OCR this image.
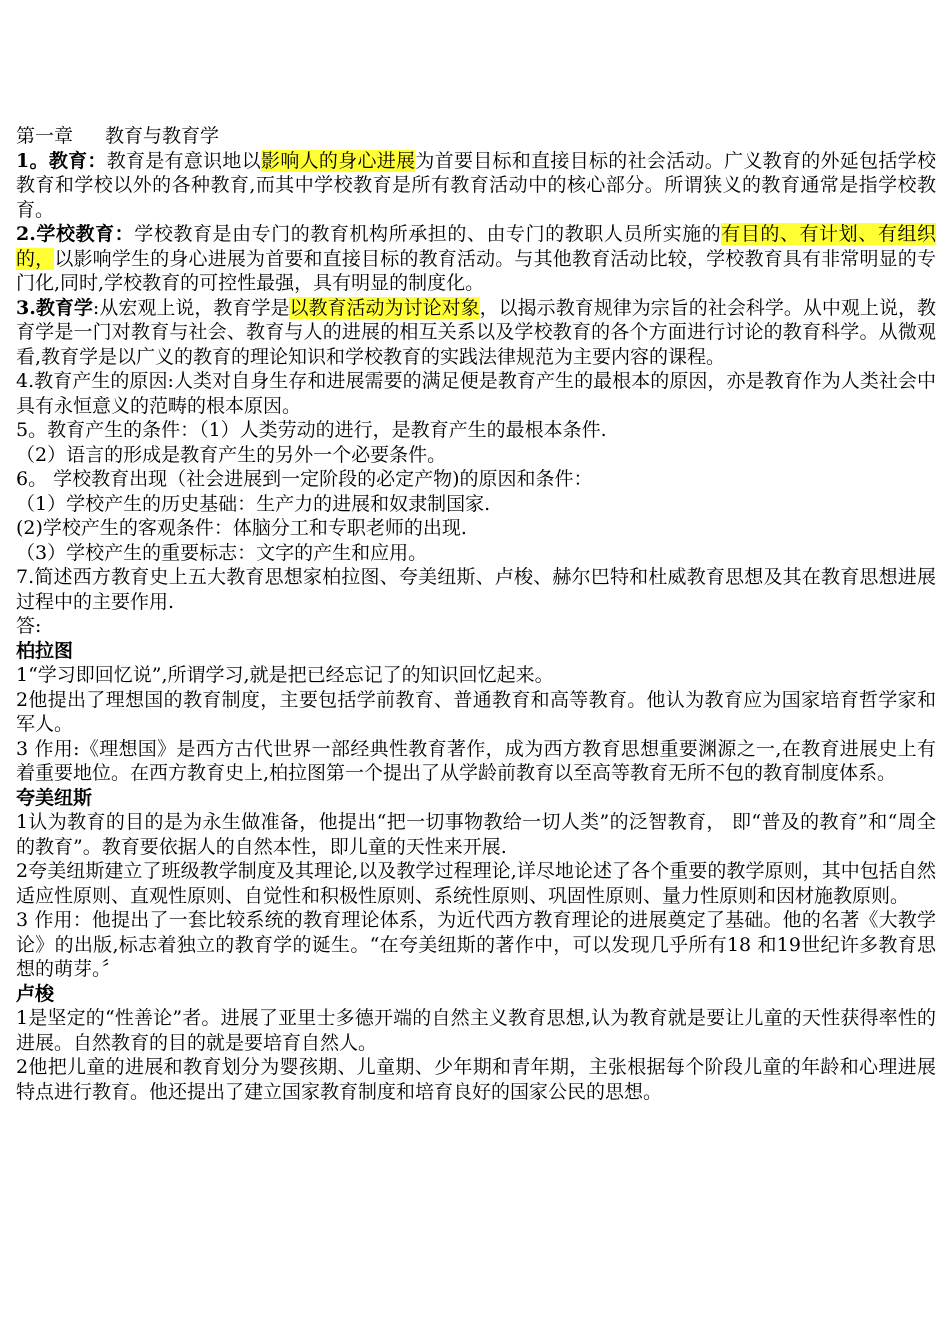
第一章 教育与教育学

1。教育：教育是有意识地以影响人的身心进展为首要目标和直接目标的社会活动。广义教育的外延包括学校教育和学校以外的各种教育,而其中学校教育是所有教育活动中的核心部分。所谓狭义的教育通常是指学校教育。

2.学校教育：学校教育是由专门的教育机构所承担的、由专门的教职人员所实施的有目的、有计划、有组织的，以影响学生的身心进展为首要和直接目标的教育活动。与其他教育活动比较，学校教育具有非常明显的专门化,同时,学校教育的可控性最强，具有明显的制度化。

3.教育学:从宏观上说，教育学是以教育活动为讨论对象，以揭示教育规律为宗旨的社会科学。从中观上说，教育学是一门对教育与社会、教育与人的进展的相互关系以及学校教育的各个方面进行讨论的教育科学。从微观看,教育学是以广义的教育的理论知识和学校教育的实践法律规范为主要内容的课程。

4.教育产生的原因:人类对自身生存和进展需要的满足便是教育产生的最根本的原因，亦是教育作为人类社会中具有永恒意义的范畴的根本原因。

5。教育产生的条件：（1）人类劳动的进行，是教育产生的最根本条件.

（2）语言的形成是教育产生的另外一个必要条件。

6。 学校教育出现（社会进展到一定阶段的必定产物)的原因和条件：

（1）学校产生的历史基础：生产力的进展和奴隶制国家.

(2)学校产生的客观条件：体脑分工和专职老师的出现.

（3）学校产生的重要标志：文字的产生和应用。

7.简述西方教育史上五大教育思想家柏拉图、夸美纽斯、卢梭、赫尔巴特和杜威教育思想及其在教育思想进展过程中的主要作用.

答:

柏拉图

1“学习即回忆说”,所谓学习,就是把已经忘记了的知识回忆起来。

2他提出了理想国的教育制度，主要包括学前教育、普通教育和高等教育。他认为教育应为国家培育哲学家和军人。

3 作用:《理想国》是西方古代世界一部经典性教育著作，成为西方教育思想重要渊源之一,在教育进展史上有着重要地位。在西方教育史上,柏拉图第一个提出了从学龄前教育以至高等教育无所不包的教育制度体系。

夸美纽斯

1认为教育的目的是为永生做准备，他提出“把一切事物教给一切人类”的泛智教育， 即“普及的教育”和“周全的教育”。教育要依据人的自然本性，即儿童的天性来开展.

2夸美纽斯建立了班级教学制度及其理论,以及教学过程理论,详尽地论述了各个重要的教学原则，其中包括自然适应性原则、直观性原则、自觉性和积极性原则、系统性原则、巩固性原则、量力性原则和因材施教原则。

3 作用：他提出了一套比较系统的教育理论体系，为近代西方教育理论的进展奠定了基础。他的名著《大教学论》的出版,标志着独立的教育学的诞生。“在夸美纽斯的著作中，可以发现几乎所有18 和19世纪许多教育思想的萌芽。〞

卢梭

1是坚定的“性善论”者。进展了亚里士多德开端的自然主义教育思想,认为教育就是要让儿童的天性获得率性的进展。自然教育的目的就是要培育自然人。

2他把儿童的进展和教育划分为婴孩期、儿童期、少年期和青年期，主张根据每个阶段儿童的年龄和心理进展特点进行教育。他还提出了建立国家教育制度和培育良好的国家公民的思想。
